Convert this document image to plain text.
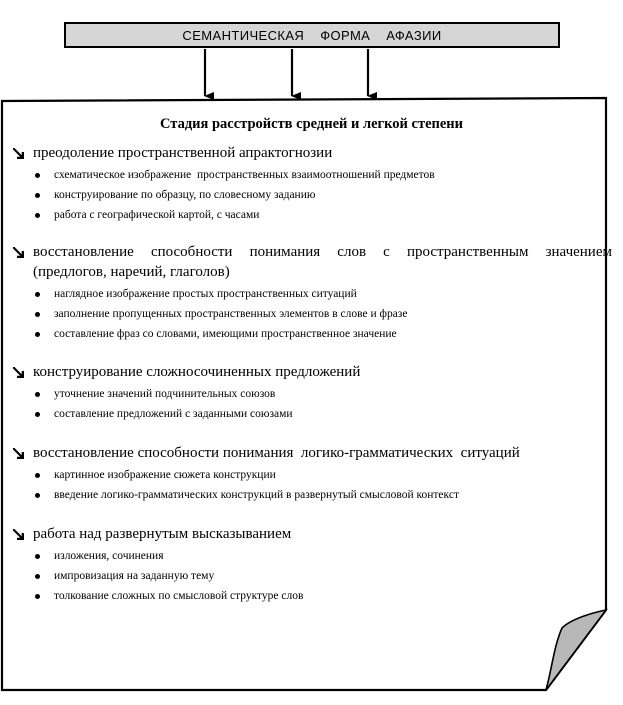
СЕМАНТИЧЕСКАЯ  ФОРМА  АФАЗИИ
Стадия расстройств средней и легкой степени

преодоление пространственной апрактогнозии

схематическое изображение  пространственных взаимоотношений предметов
конструирование по образцу, по словесному заданию
работа с географической картой, с часами

восстановление способности понимания слов с пространственным значением
(предлогов, наречий, глаголов)

наглядное изображение простых пространственных ситуаций
заполнение пропущенных пространственных элементов в слове и фразе
составление фраз со словами, имеющими пространственное значение

конструирование сложносочиненных предложений

уточнение значений подчинительных союзов
составление предложений с заданными союзами

восстановление способности понимания  логико-грамматических  ситуаций

картинное изображение сюжета конструкции
введение логико-грамматических конструкций в развернутый смысловой контекст

работа над развернутым высказыванием

изложения, сочинения
импровизация на заданную тему
толкование сложных по смысловой структуре слов
